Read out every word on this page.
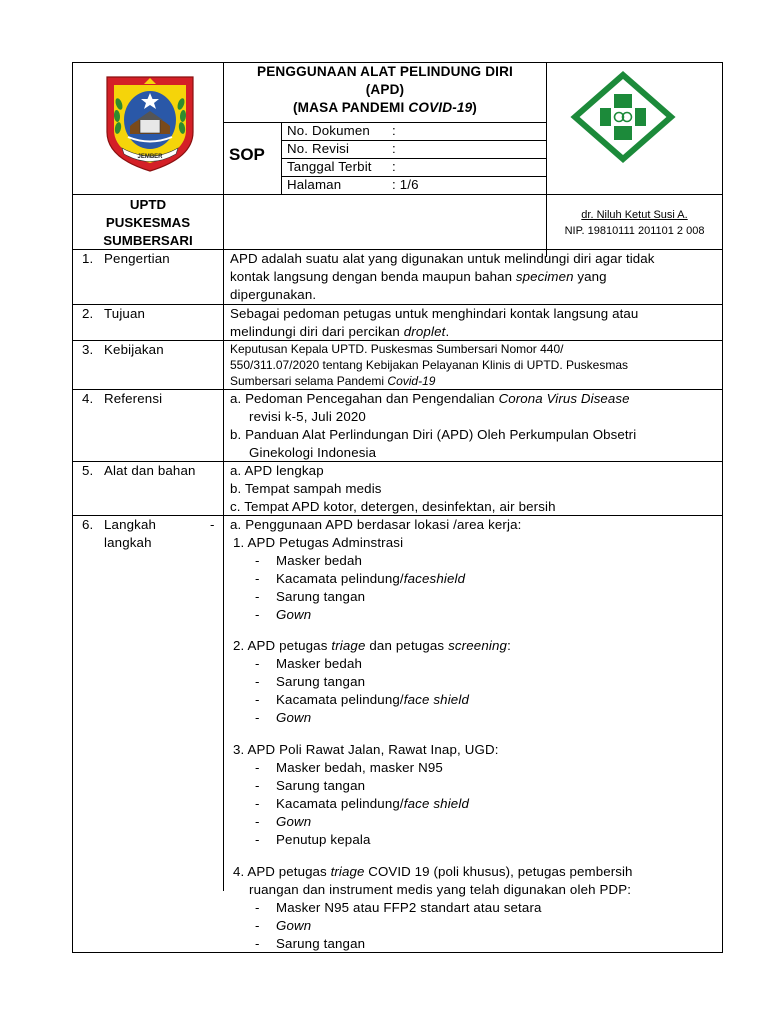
JEMBER
PENGGUNAAN ALAT PELINDUNG DIRI
(APD)
(MASA PANDEMI COVID-19)
SOP
No. Dokumen :
No. Revisi	:
Tanggal Terbit :
Halaman	: 1/6
UPTD
PUSKESMAS
SUMBERSARI
dr. Niluh Ketut Susi A.
NIP. 19810111 201101 2 008
1. Pengertian	APD adalah suatu alat yang digunakan untuk melindungi diri agar tidak
kontak langsung dengan benda maupun bahan specimen yang
dipergunakan.
2. Tujuan	Sebagai pedoman petugas untuk menghindari kontak langsung atau
melindungi diri dari percikan droplet.
3. Kebijakan	Keputusan Kepala UPTD. Puskesmas Sumbersari Nomor 440/
550/311.07/2020 tentang Kebijakan Pelayanan Klinis di UPTD. Puskesmas
Sumbersari selama Pandemi Covid-19
4. Referensi	a. Pedoman Pencegahan dan Pengendalian Corona Virus Disease
revisi k-5, Juli 2020
b. Panduan Alat Perlindungan Diri (APD) Oleh Perkumpulan Obsetri
Ginekologi Indonesia
5. Alat dan bahan	a. APD lengkap
b. Tempat sampah medis
c. Tempat APD kotor, detergen, desinfektan, air bersih
6. Langkah	-
langkah
a. Penggunaan APD berdasar lokasi /area kerja:
1. APD Petugas Adminstrasi
- Masker bedah
- Kacamata pelindung/faceshield
- Sarung tangan
- Gown
2. APD petugas triage dan petugas screening:
- Masker bedah
- Sarung tangan
- Kacamata pelindung/face shield
- Gown
3. APD Poli Rawat Jalan, Rawat Inap, UGD:
- Masker bedah, masker N95
- Sarung tangan
- Kacamata pelindung/face shield
- Gown
- Penutup kepala
4. APD petugas triage COVID 19 (poli khusus), petugas pembersih
ruangan dan instrument medis yang telah digunakan oleh PDP:
- Masker N95 atau FFP2 standart atau setara
- Gown
- Sarung tangan
